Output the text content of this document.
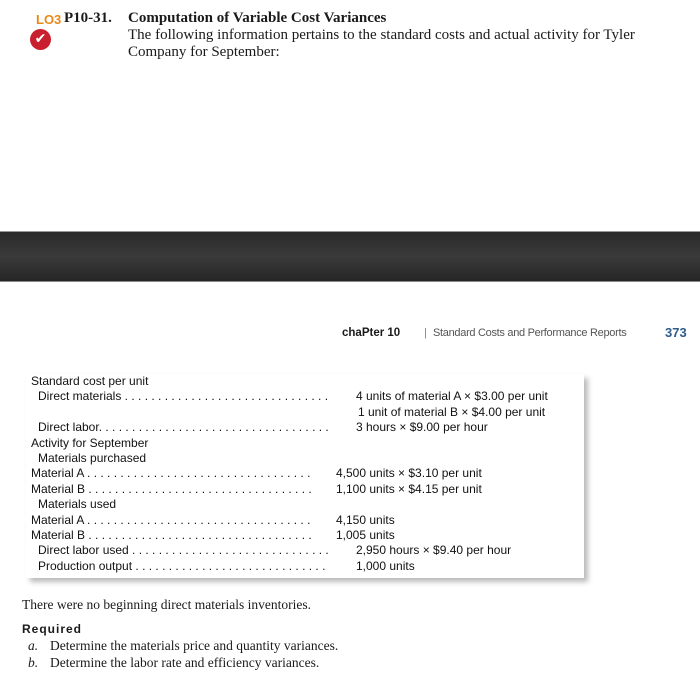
LO3
✔
P10-31. Computation of Variable Cost Variances
The following information pertains to the standard costs and actual activity for Tyler Company for September:
chaPter 10 | Standard Costs and Performance Reports	373
Standard cost per unit
Direct materials . . . . . . . . . . . . . . . . . . . . . . . . . . . . . . . 4 units of material A × $3.00 per unit
1 unit of material B × $4.00 per unit
Direct labor. . . . . . . . . . . . . . . . . . . . . . . . . . . . . . . . . . . 3 hours × $9.00 per hour
Activity for September
Materials purchased
Material A . . . . . . . . . . . . . . . . . . . . . . . . . . . . . . . . . . 4,500 units × $3.10 per unit
Material B . . . . . . . . . . . . . . . . . . . . . . . . . . . . . . . . . . 1,100 units × $4.15 per unit
Materials used
Material A . . . . . . . . . . . . . . . . . . . . . . . . . . . . . . . . . . 4,150 units
Material B . . . . . . . . . . . . . . . . . . . . . . . . . . . . . . . . . . 1,005 units
Direct labor used . . . . . . . . . . . . . . . . . . . . . . . . . . . . . . 2,950 hours × $9.40 per hour
Production output . . . . . . . . . . . . . . . . . . . . . . . . . . . . .	1,000 units
There were no beginning direct materials inventories.
Required
a. Determine the materials price and quantity variances.
b. Determine the labor rate and efficiency variances.
